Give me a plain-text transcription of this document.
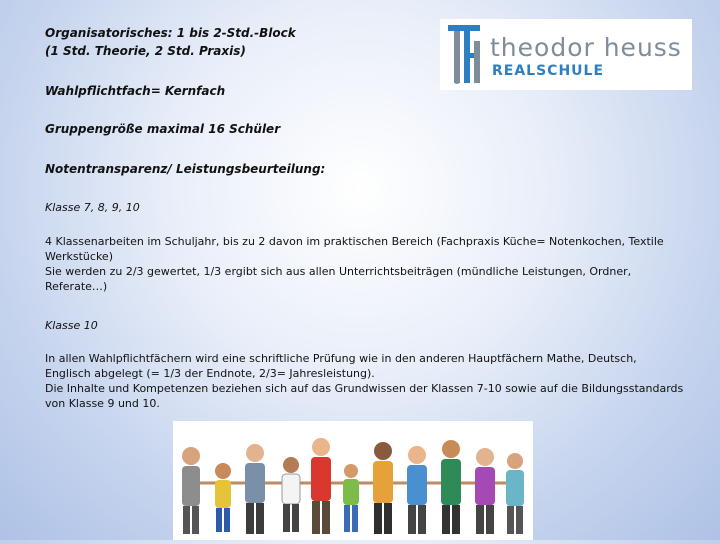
Organisatorisches: 1 bis 2-Std.-Block
(1 Std. Theorie, 2 Std. Praxis)
Wahlpflichtfach= Kernfach
Gruppengröße maximal 16 Schüler
Notentransparenz/ Leistungsbeurteilung:
Klasse 7, 8, 9, 10

4 Klassenarbeiten im Schuljahr, bis zu 2 davon im praktischen Bereich (Fachpraxis Küche= Notenkochen, Textile Werkstücke)

Sie werden zu 2/3 gewertet, 1/3 ergibt sich aus allen Unterrichtsbeiträgen (mündliche Leistungen, Ordner, Referate…)

Klasse 10

In allen Wahlpflichtfächern wird eine schriftliche Prüfung wie in den anderen Hauptfächern Mathe, Deutsch, Englisch abgelegt (= 1/3 der Endnote, 2/3= Jahresleistung).

Die Inhalte und Kompetenzen beziehen sich auf das Grundwissen der Klassen 7-10 sowie auf die Bildungsstandards von Klasse 9 und 10.

theodor heuss
REALSCHULE
